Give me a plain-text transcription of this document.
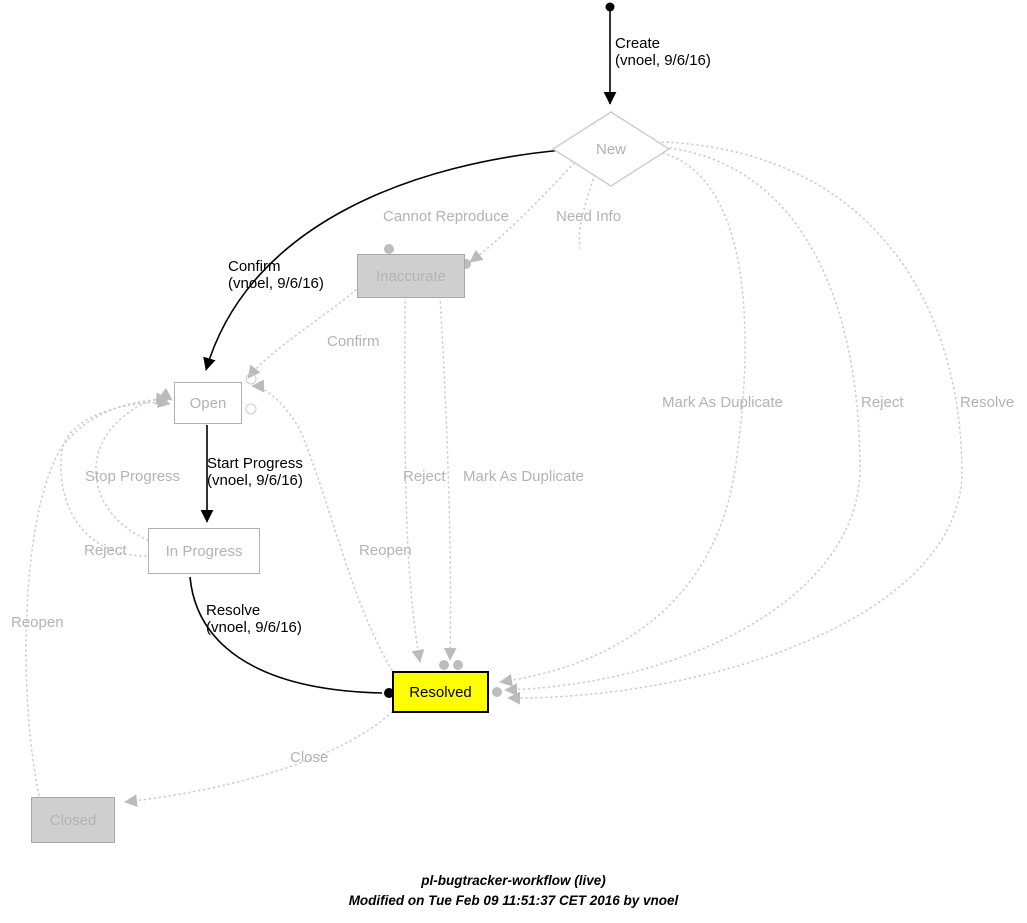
New
Inaccurate
Open
In Progress
Resolved
Closed
Create
(vnoel, 9/6/16)
Cannot Reproduce	Need Info
Confirm
(vnoel, 9/6/16)
Confirm
Mark As Duplicate	Reject	Resolve
Stop Progress
Start Progress
(vnoel, 9/6/16)	Reject Mark As Duplicate
Reject	Reopen
Reopen
Resolve
(vnoel, 9/6/16)
Close
pl-bugtracker-workflow (live)
Modified on Tue Feb 09 11:51:37 CET 2016 by vnoel
